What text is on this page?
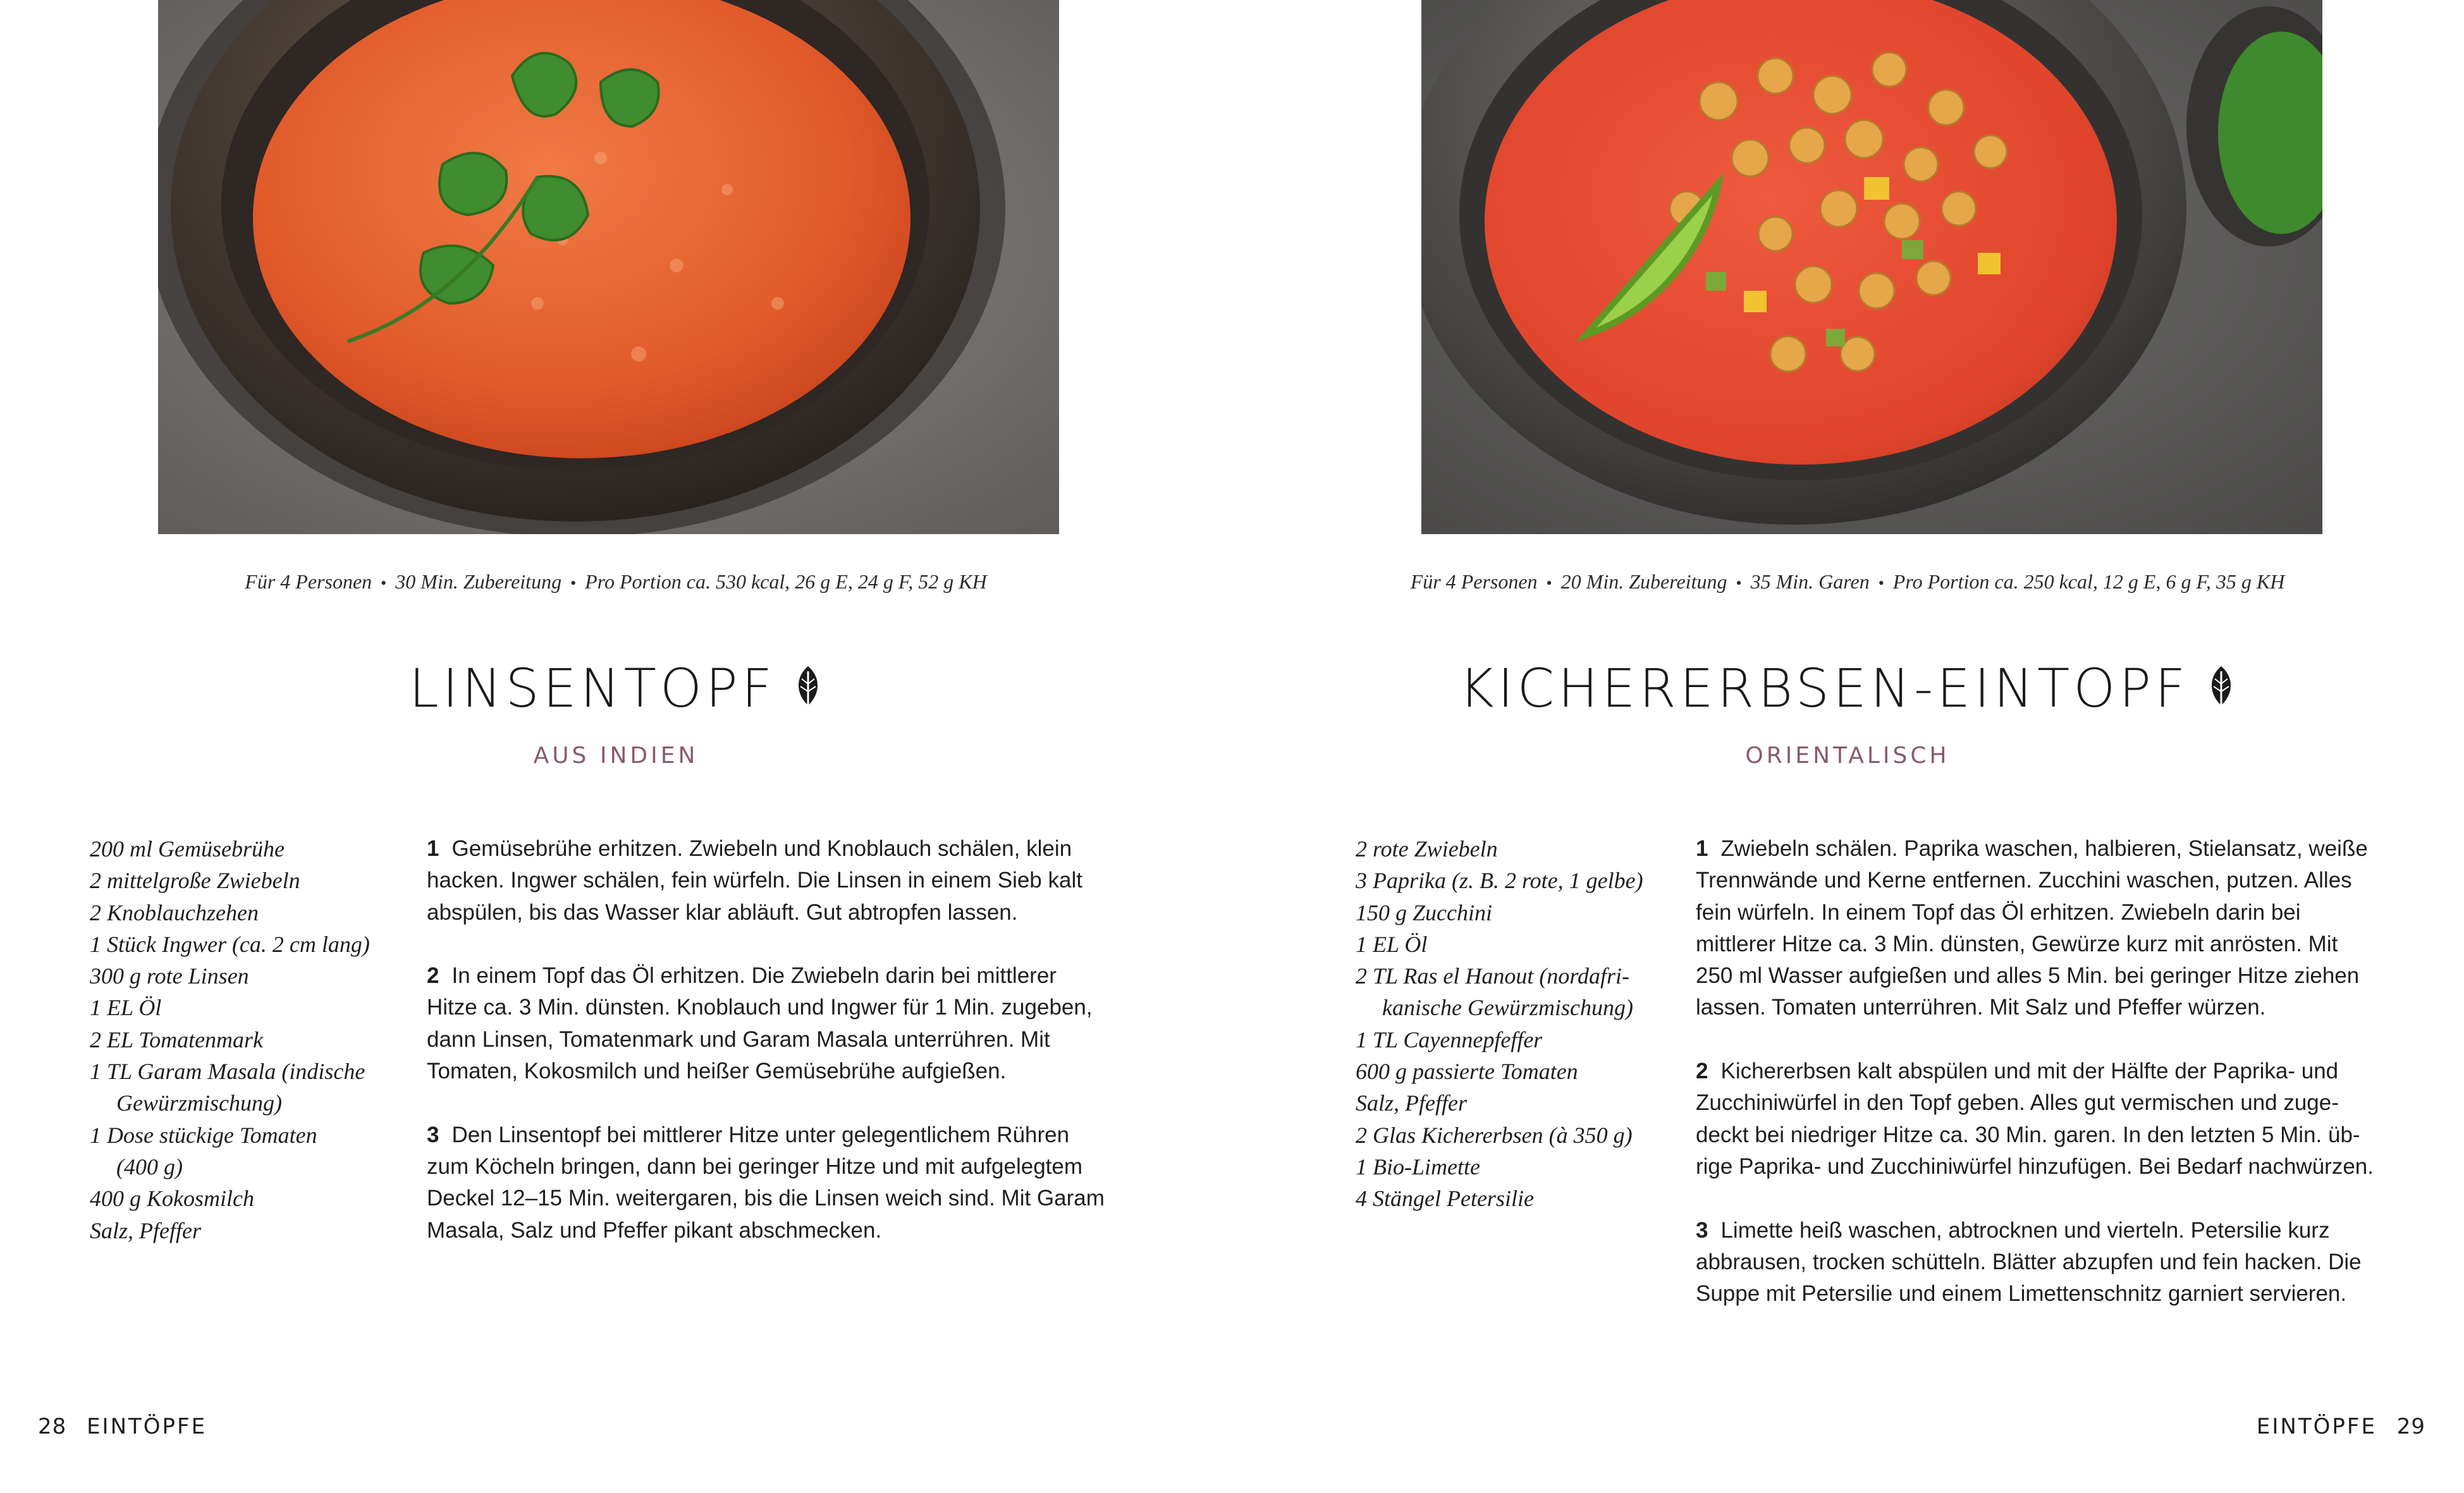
Für 4 Personen • 30 Min. Zubereitung • Pro Portion ca. 530 kcal, 26 g E, 24 g F, 52 g KH
LINSENTOPF
AUS INDIEN
200 ml Gemüsebrühe
2 mittelgroße Zwiebeln
2 Knoblauchzehen
1 Stück Ingwer (ca. 2 cm lang)
300 g rote Linsen
1 EL Öl
2 EL Tomatenmark
1 TL Garam Masala (indische
Gewürzmischung)
1 Dose stückige Tomaten
(400 g)
400 g Kokosmilch
Salz, Pfeffer
1 Gemüsebrühe erhitzen. Zwiebeln und Knoblauch schälen, klein
hacken. Ingwer schälen, fein würfeln. Die Linsen in einem Sieb kalt
abspülen, bis das Wasser klar abläuft. Gut abtropfen lassen.
2 In einem Topf das Öl erhitzen. Die Zwiebeln darin bei mittlerer
Hitze ca. 3 Min. dünsten. Knoblauch und Ingwer für 1 Min. zugeben,
dann Linsen, Tomatenmark und Garam Masala unterrühren. Mit
Tomaten, Kokosmilch und heißer Gemüsebrühe aufgießen.
3 Den Linsentopf bei mittlerer Hitze unter gelegentlichem Rühren
zum Köcheln bringen, dann bei geringer Hitze und mit aufgelegtem
Deckel 12–15 Min. weitergaren, bis die Linsen weich sind. Mit Garam
Masala, Salz und Pfeffer pikant abschmecken.
28 EINTÖPFE
Für 4 Personen • 20 Min. Zubereitung • 35 Min. Garen • Pro Portion ca. 250 kcal, 12 g E, 6 g F, 35 g KH
KICHERERBSEN-EINTOPF
ORIENTALISCH
2 rote Zwiebeln
3 Paprika (z. B. 2 rote, 1 gelbe)
150 g Zucchini
1 EL Öl
2 TL Ras el Hanout (nordafri-
kanische Gewürzmischung)
1 TL Cayennepfeffer
600 g passierte Tomaten
Salz, Pfeffer
2 Glas Kichererbsen (à 350 g)
1 Bio-Limette
4 Stängel Petersilie
1 Zwiebeln schälen. Paprika waschen, halbieren, Stielansatz, weiße
Trennwände und Kerne entfernen. Zucchini waschen, putzen. Alles
fein würfeln. In einem Topf das Öl erhitzen. Zwiebeln darin bei
mittlerer Hitze ca. 3 Min. dünsten, Gewürze kurz mit anrösten. Mit
250 ml Wasser aufgießen und alles 5 Min. bei geringer Hitze ziehen
lassen. Tomaten unterrühren. Mit Salz und Pfeffer würzen.
2 Kichererbsen kalt abspülen und mit der Hälfte der Paprika- und
Zucchiniwürfel in den Topf geben. Alles gut vermischen und zuge-
deckt bei niedriger Hitze ca. 30 Min. garen. In den letzten 5 Min. üb-
rige Paprika- und Zucchiniwürfel hinzufügen. Bei Bedarf nachwürzen.
3 Limette heiß waschen, abtrocknen und vierteln. Petersilie kurz
abbrausen, trocken schütteln. Blätter abzupfen und fein hacken. Die
Suppe mit Petersilie und einem Limettenschnitz garniert servieren.
EINTÖPFE 29
